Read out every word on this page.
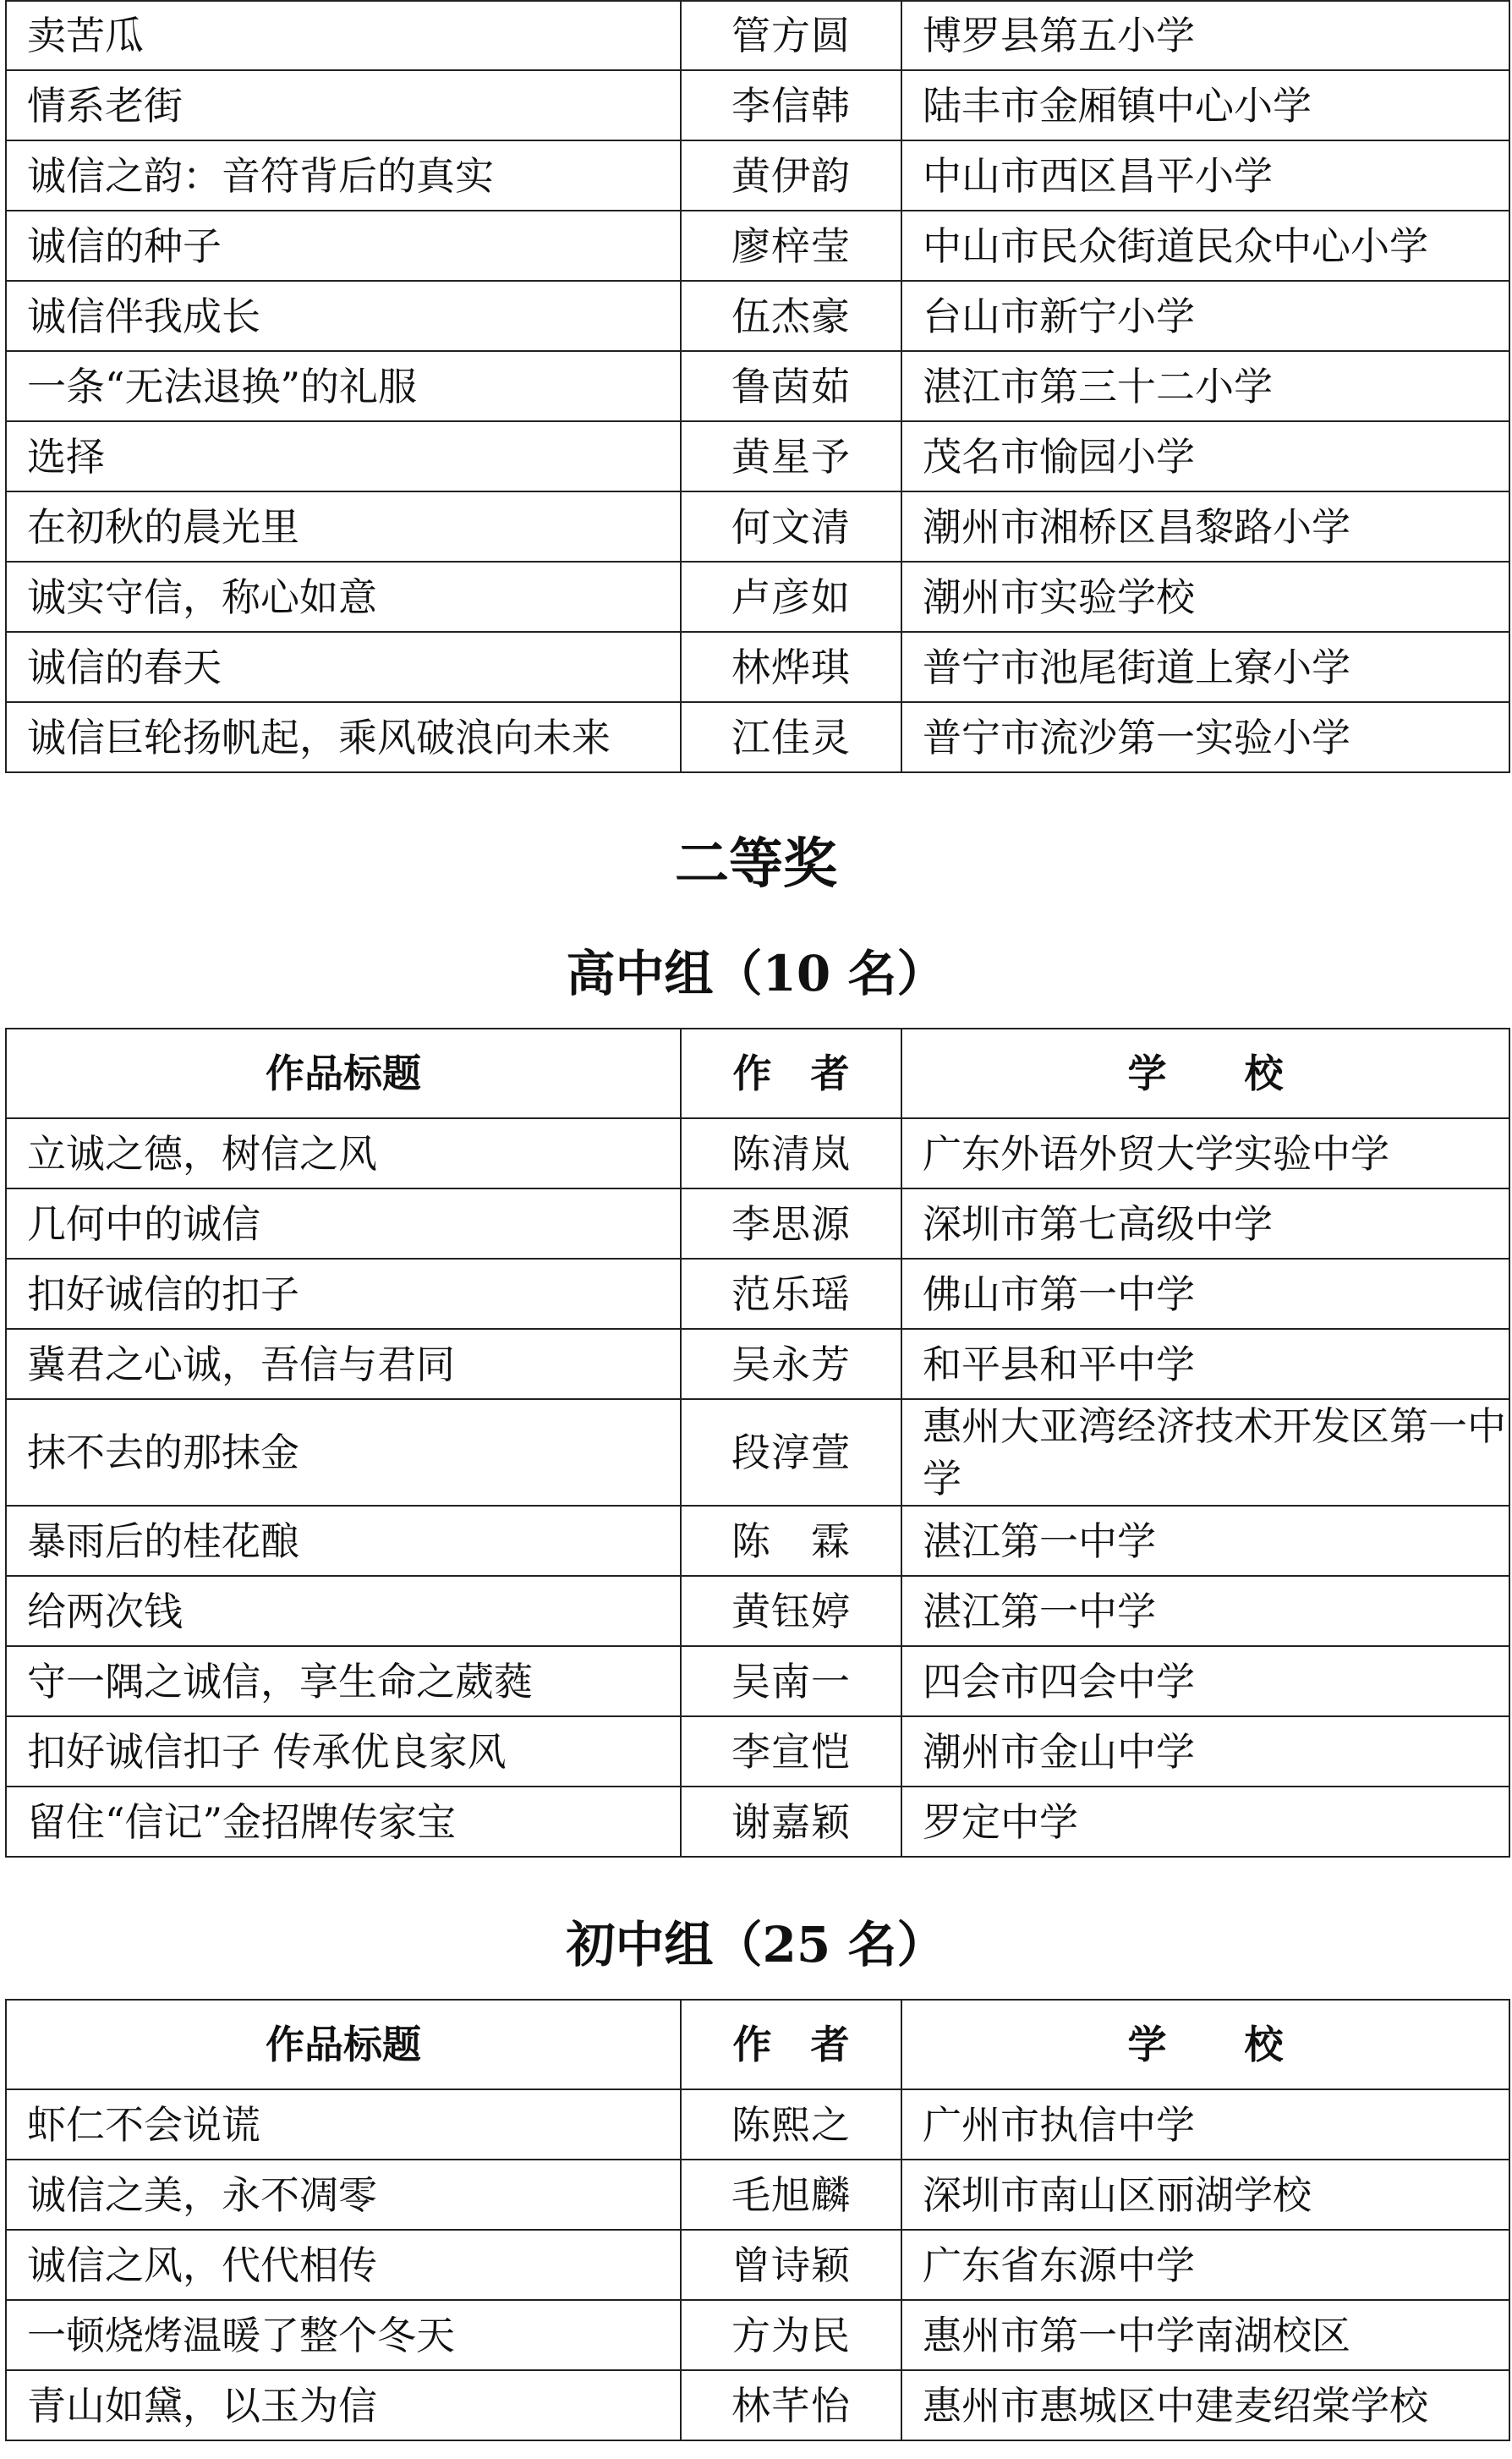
卖苦瓜	管方圆	博罗县第五小学
情系老街	李信韩	陆丰市金厢镇中心小学
诚信之韵：音符背后的真实	黄伊韵	中山市西区昌平小学
诚信的种子	廖梓莹	中山市民众街道民众中心小学
诚信伴我成长	伍杰豪	台山市新宁小学
一条“无法退换”的礼服	鲁茵茹	湛江市第三十二小学
选择	黄星予	茂名市愉园小学
在初秋的晨光里	何文清	潮州市湘桥区昌黎路小学
诚实守信，称心如意	卢彦如	潮州市实验学校
诚信的春天	林烨琪	普宁市池尾街道上寮小学
诚信巨轮扬帆起，乘风破浪向未来	江佳灵	普宁市流沙第一实验小学
二等奖
高中组（10 名）
作品标题	作　者	学　　校
立诚之德，树信之风	陈清岚	广东外语外贸大学实验中学
几何中的诚信	李思源	深圳市第七高级中学
扣好诚信的扣子	范乐瑶	佛山市第一中学
冀君之心诚，吾信与君同	吴永芳	和平县和平中学
抹不去的那抹金	段淳萱	惠州大亚湾经济技术开发区第一中学
暴雨后的桂花酿	陈　霖	湛江第一中学
给两次钱	黄钰婷	湛江第一中学
守一隅之诚信，享生命之葳蕤	吴南一	四会市四会中学
扣好诚信扣子 传承优良家风	李宣恺	潮州市金山中学
留住“信记”金招牌传家宝	谢嘉颖	罗定中学
初中组（25 名）
作品标题	作　者	学　　校
虾仁不会说谎	陈熙之	广州市执信中学
诚信之美，永不凋零	毛旭麟	深圳市南山区丽湖学校
诚信之风，代代相传	曾诗颖	广东省东源中学
一顿烧烤温暖了整个冬天	方为民	惠州市第一中学南湖校区
青山如黛，以玉为信	林芊怡	惠州市惠城区中建麦绍棠学校
